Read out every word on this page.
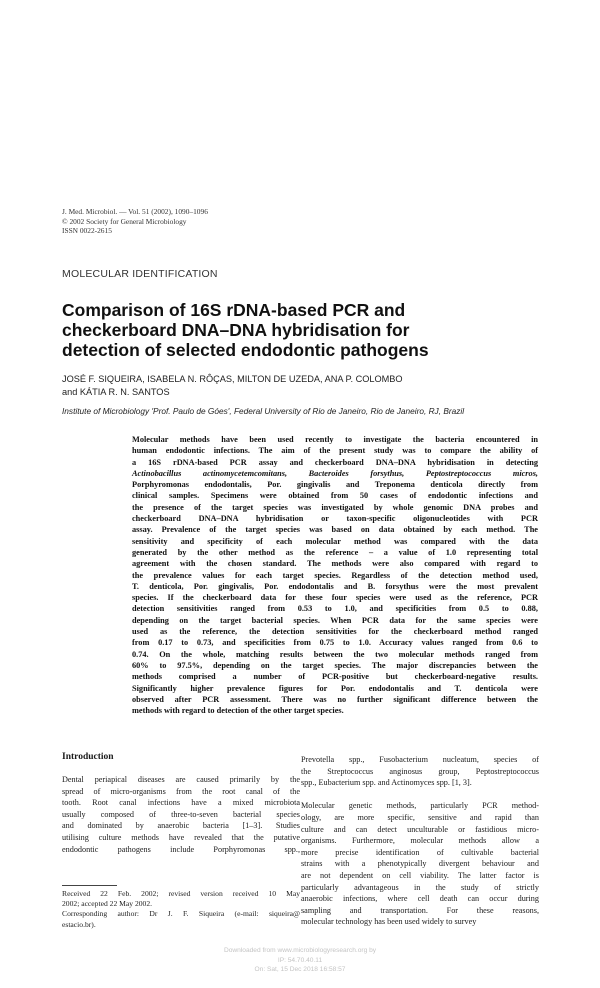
J. Med. Microbiol. — Vol. 51 (2002), 1090–1096
© 2002 Society for General Microbiology
ISSN 0022-2615
MOLECULAR IDENTIFICATION
Comparison of 16S rDNA-based PCR and
checkerboard DNA–DNA hybridisation for
detection of selected endodontic pathogens
JOSÉ F. SIQUEIRA, ISABELA N. RÔÇAS, MILTON DE UZEDA, ANA P. COLOMBO
and KÁTIA R. N. SANTOS
Institute of Microbiology 'Prof. Paulo de Góes', Federal University of Rio de Janeiro, Rio de Janeiro, RJ, Brazil
Molecular methods have been used recently to investigate the bacteria encountered in
human endodontic infections. The aim of the present study was to compare the ability of
a 16S rDNA-based PCR assay and checkerboard DNA–DNA hybridisation in detecting
Actinobacillus actinomycetemcomitans, Bacteroides forsythus, Peptostreptococcus micros,
Porphyromonas endodontalis, Por. gingivalis and Treponema denticola directly from
clinical samples. Specimens were obtained from 50 cases of endodontic infections and
the presence of the target species was investigated by whole genomic DNA probes and
checkerboard DNA–DNA hybridisation or taxon-specific oligonucleotides with PCR
assay. Prevalence of the target species was based on data obtained by each method. The
sensitivity and specificity of each molecular method was compared with the data
generated by the other method as the reference – a value of 1.0 representing total
agreement with the chosen standard. The methods were also compared with regard to
the prevalence values for each target species. Regardless of the detection method used,
T. denticola, Por. gingivalis, Por. endodontalis and B. forsythus were the most prevalent
species. If the checkerboard data for these four species were used as the reference, PCR
detection sensitivities ranged from 0.53 to 1.0, and specificities from 0.5 to 0.88,
depending on the target bacterial species. When PCR data for the same species were
used as the reference, the detection sensitivities for the checkerboard method ranged
from 0.17 to 0.73, and specificities from 0.75 to 1.0. Accuracy values ranged from 0.6 to
0.74. On the whole, matching results between the two molecular methods ranged from
60% to 97.5%, depending on the target species. The major discrepancies between the
methods comprised a number of PCR-positive but checkerboard-negative results.
Significantly higher prevalence figures for Por. endodontalis and T. denticola were
observed after PCR assessment. There was no further significant difference between the
methods with regard to detection of the other target species.
Introduction
Dental periapical diseases are caused primarily by the
spread of micro-organisms from the root canal of the
tooth. Root canal infections have a mixed microbiota
usually composed of three-to-seven bacterial species
and dominated by anaerobic bacteria [1–3]. Studies
utilising culture methods have revealed that the putative
endodontic pathogens include Porphyromonas spp.,
Prevotella spp., Fusobacterium nucleatum, species of
the Streptococcus anginosus group, Peptostreptococcus
spp., Eubacterium spp. and Actinomyces spp. [1, 3].
Molecular genetic methods, particularly PCR method-
ology, are more specific, sensitive and rapid than
culture and can detect unculturable or fastidious micro-
organisms. Furthermore, molecular methods allow a
more precise identification of cultivable bacterial
strains with a phenotypically divergent behaviour and
are not dependent on cell viability. The latter factor is
particularly advantageous in the study of strictly
anaerobic infections, where cell death can occur during
sampling and transportation. For these reasons,
molecular technology has been used widely to survey
Received 22 Feb. 2002; revised version received 10 May
2002; accepted 22 May 2002.
Corresponding author: Dr J. F. Siqueira (e-mail: siqueira@
estacio.br).
Downloaded from www.microbiologyresearch.org by
IP: 54.70.40.11
On: Sat, 15 Dec 2018 16:58:57
